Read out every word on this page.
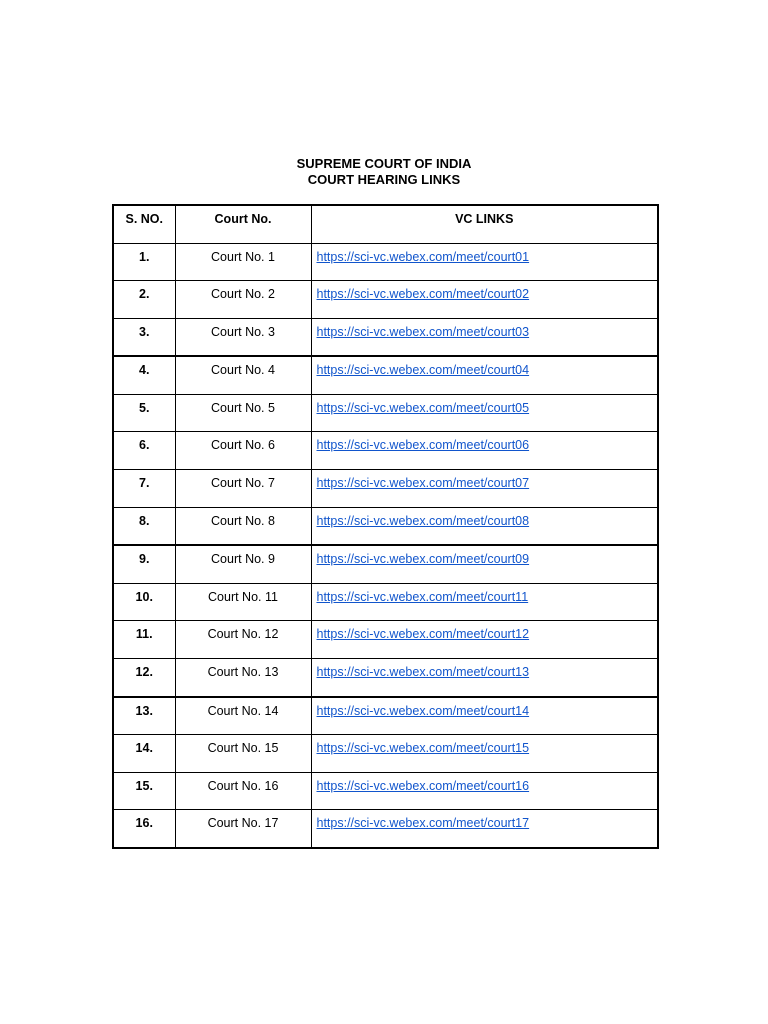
SUPREME COURT OF INDIA
COURT HEARING LINKS
S. NO.	Court No.	VC LINKS
1.	Court No. 1	https://sci-vc.webex.com/meet/court01
2.	Court No. 2	https://sci-vc.webex.com/meet/court02
3.	Court No. 3	https://sci-vc.webex.com/meet/court03
4.	Court No. 4	https://sci-vc.webex.com/meet/court04
5.	Court No. 5	https://sci-vc.webex.com/meet/court05
6.	Court No. 6	https://sci-vc.webex.com/meet/court06
7.	Court No. 7	https://sci-vc.webex.com/meet/court07
8.	Court No. 8	https://sci-vc.webex.com/meet/court08
9.	Court No. 9	https://sci-vc.webex.com/meet/court09
10.	Court No. 11	https://sci-vc.webex.com/meet/court11
11.	Court No. 12	https://sci-vc.webex.com/meet/court12
12.	Court No. 13	https://sci-vc.webex.com/meet/court13
13.	Court No. 14	https://sci-vc.webex.com/meet/court14
14.	Court No. 15	https://sci-vc.webex.com/meet/court15
15.	Court No. 16	https://sci-vc.webex.com/meet/court16
16.	Court No. 17	https://sci-vc.webex.com/meet/court17
